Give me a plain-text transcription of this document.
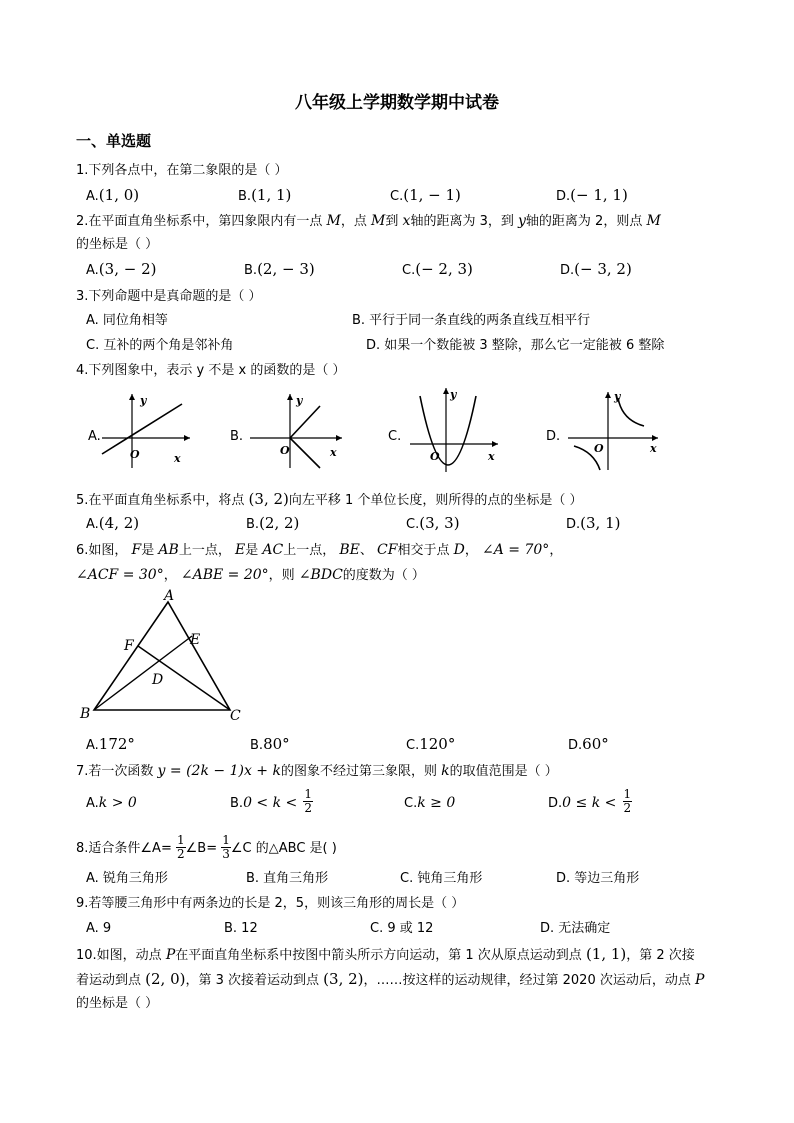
八年级上学期数学期中试卷
一、单选题
1.下列各点中，在第二象限的是（ ）
A.(1, 0)	B.(1, 1)	C.(1, − 1)	D.(− 1, 1)
2.在平面直角坐标系中，第四象限内有一点 M，点 M到 x轴的距离为 3，到 y轴的距离为 2，则点 M
的坐标是（ ）
A.(3, − 2)	B.(2, − 3)	C.(− 2, 3)	D.(− 3, 2)
3.下列命题中是真命题的是（ ）
A. 同位角相等	B. 平行于同一条直线的两条直线互相平行
C. 互补的两个角是邻补角	D. 如果一个数能被 3 整除，那么它一定能被 6 整除
4.下列图象中，表示 y 不是 x 的函数的是（ ）
A.
y
x
O
B.
y
x
O
C.
y
x
O
D.
y
x
O
5.在平面直角坐标系中，将点 (3, 2)向左平移 1 个单位长度，则所得的点的坐标是（ ）
A.(4, 2)	B.(2, 2)	C.(3, 3)	D.(3, 1)
6.如图， F是 AB上一点， E是 AC上一点， BE、 CF相交于点 D， ∠A = 70°，
∠ACF = 30°， ∠ABE = 20°，则 ∠BDC的度数为（ ）
A
B	C
D
E
F
A.172°	B.80°	C.120°	D.60°
7.若一次函数 y = (2k − 1)x + k的图象不经过第三象限，则 k的取值范围是（ ）
A.k > 0	$B.0 < k < \frac{1}{2}$	C.k ≥ 0	$D.0 \le k < \frac{1}{2}$
8.适合条件∠A= $\frac{1}{2}$ ∠B= $\frac{1}{3}$ ∠C 的△ABC 是( )
A. 锐角三角形	B. 直角三角形	C. 钝角三角形	D. 等边三角形
9.若等腰三角形中有两条边的长是 2，5，则该三角形的周长是（ ）
A. 9	B. 12	C. 9 或 12	D. 无法确定
10.如图，动点 P在平面直角坐标系中按图中箭头所示方向运动，第 1 次从原点运动到点 (1, 1)，第 2 次接
着运动到点 (2, 0)，第 3 次接着运动到点 (3, 2)，……按这样的运动规律，经过第 2020 次运动后，动点 P
的坐标是（ ）
